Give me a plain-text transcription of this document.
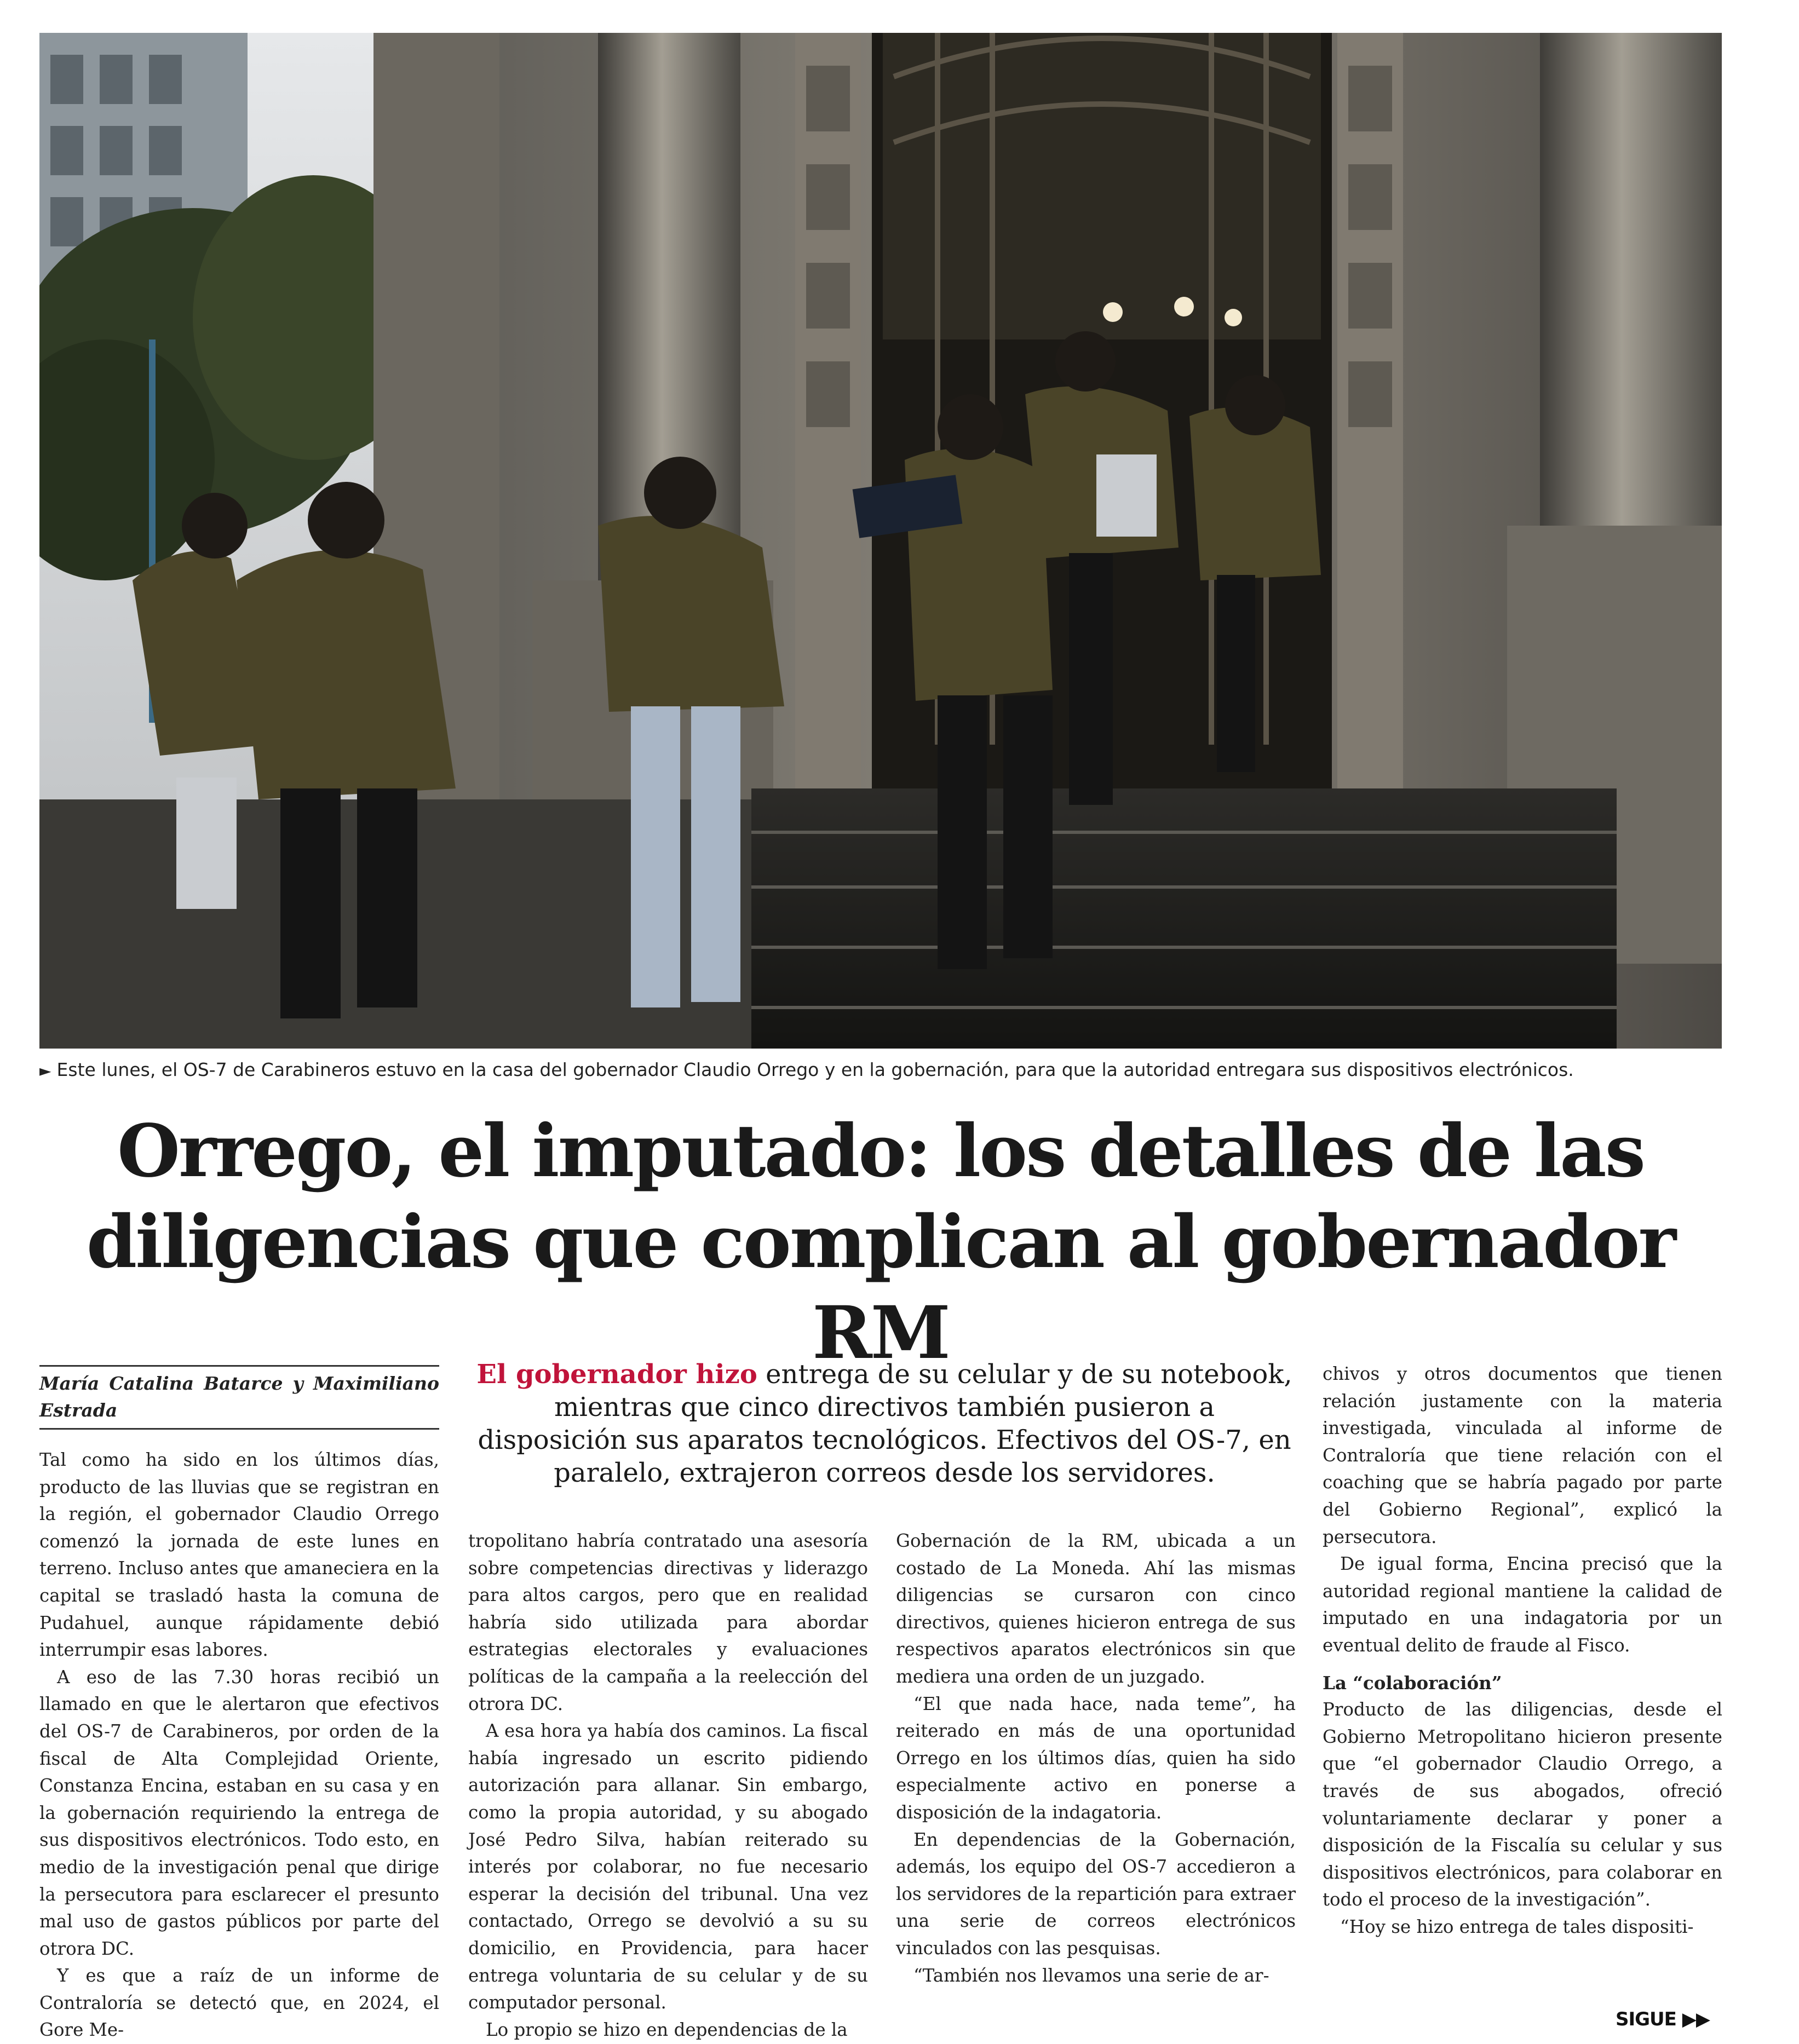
► Este lunes, el OS-7 de Carabineros estuvo en la casa del gobernador Claudio Orrego y en la gobernación, para que la autoridad entregara sus dispositivos electrónicos.
Orrego, el imputado: los detalles de las
diligencias que complican al gobernador RM
María Catalina Batarce y Maximiliano Estrada

El gobernador hizo entrega de su celular y de su notebook, mientras que cinco directivos también pusieron a disposición sus aparatos tecnológicos. Efectivos del OS-7, en paralelo, extrajeron correos desde los servidores.

Tal como ha sido en los últimos días, producto de las lluvias que se registran en la región, el gobernador Claudio Orrego comenzó la jornada de este lunes en terreno. Incluso antes que amaneciera en la capital se trasladó hasta la comuna de Pudahuel, aunque rápidamente debió interrumpir esas labores.

A eso de las 7.30 horas recibió un llamado en que le alertaron que efectivos del OS-7 de Carabineros, por orden de la fiscal de Alta Complejidad Oriente, Constanza Encina, estaban en su casa y en la gobernación requiriendo la entrega de sus dispositivos electrónicos. Todo esto, en medio de la investigación penal que dirige la persecutora para esclarecer el presunto mal uso de gastos públicos por parte del otrora DC.

Y es que a raíz de un informe de Contraloría se detectó que, en 2024, el Gore Me-

tropolitano habría contratado una asesoría sobre competencias directivas y liderazgo para altos cargos, pero que en realidad habría sido utilizada para abordar estrategias electorales y evaluaciones políticas de la campaña a la reelección del otrora DC.

A esa hora ya había dos caminos. La fiscal había ingresado un escrito pidiendo autorización para allanar. Sin embargo, como la propia autoridad, y su abogado José Pedro Silva, habían reiterado su interés por colaborar, no fue necesario esperar la decisión del tribunal. Una vez contactado, Orrego se devolvió a su su domicilio, en Providencia, para hacer entrega voluntaria de su celular y de su computador personal.

Lo propio se hizo en dependencias de la

Gobernación de la RM, ubicada a un costado de La Moneda. Ahí las mismas diligencias se cursaron con cinco directivos, quienes hicieron entrega de sus respectivos aparatos electrónicos sin que mediera una orden de un juzgado.

“El que nada hace, nada teme”, ha reiterado en más de una oportunidad Orrego en los últimos días, quien ha sido especialmente activo en ponerse a disposición de la indagatoria.

En dependencias de la Gobernación, además, los equipo del OS-7 accedieron a los servidores de la repartición para extraer una serie de correos electrónicos vinculados con las pesquisas.

“También nos llevamos una serie de ar-

chivos y otros documentos que tienen relación justamente con la materia investigada, vinculada al informe de Contraloría que tiene relación con el coaching que se habría pagado por parte del Gobierno Regional”, explicó la persecutora.

De igual forma, Encina precisó que la autoridad regional mantiene la calidad de imputado en una indagatoria por un eventual delito de fraude al Fisco.

La “colaboración”

Producto de las diligencias, desde el Gobierno Metropolitano hicieron presente que “el gobernador Claudio Orrego, a través de sus abogados, ofreció voluntariamente declarar y poner a disposición de la Fiscalía su celular y sus dispositivos electrónicos, para colaborar en todo el proceso de la investigación”.

“Hoy se hizo entrega de tales dispositi-

SIGUE ▶▶
